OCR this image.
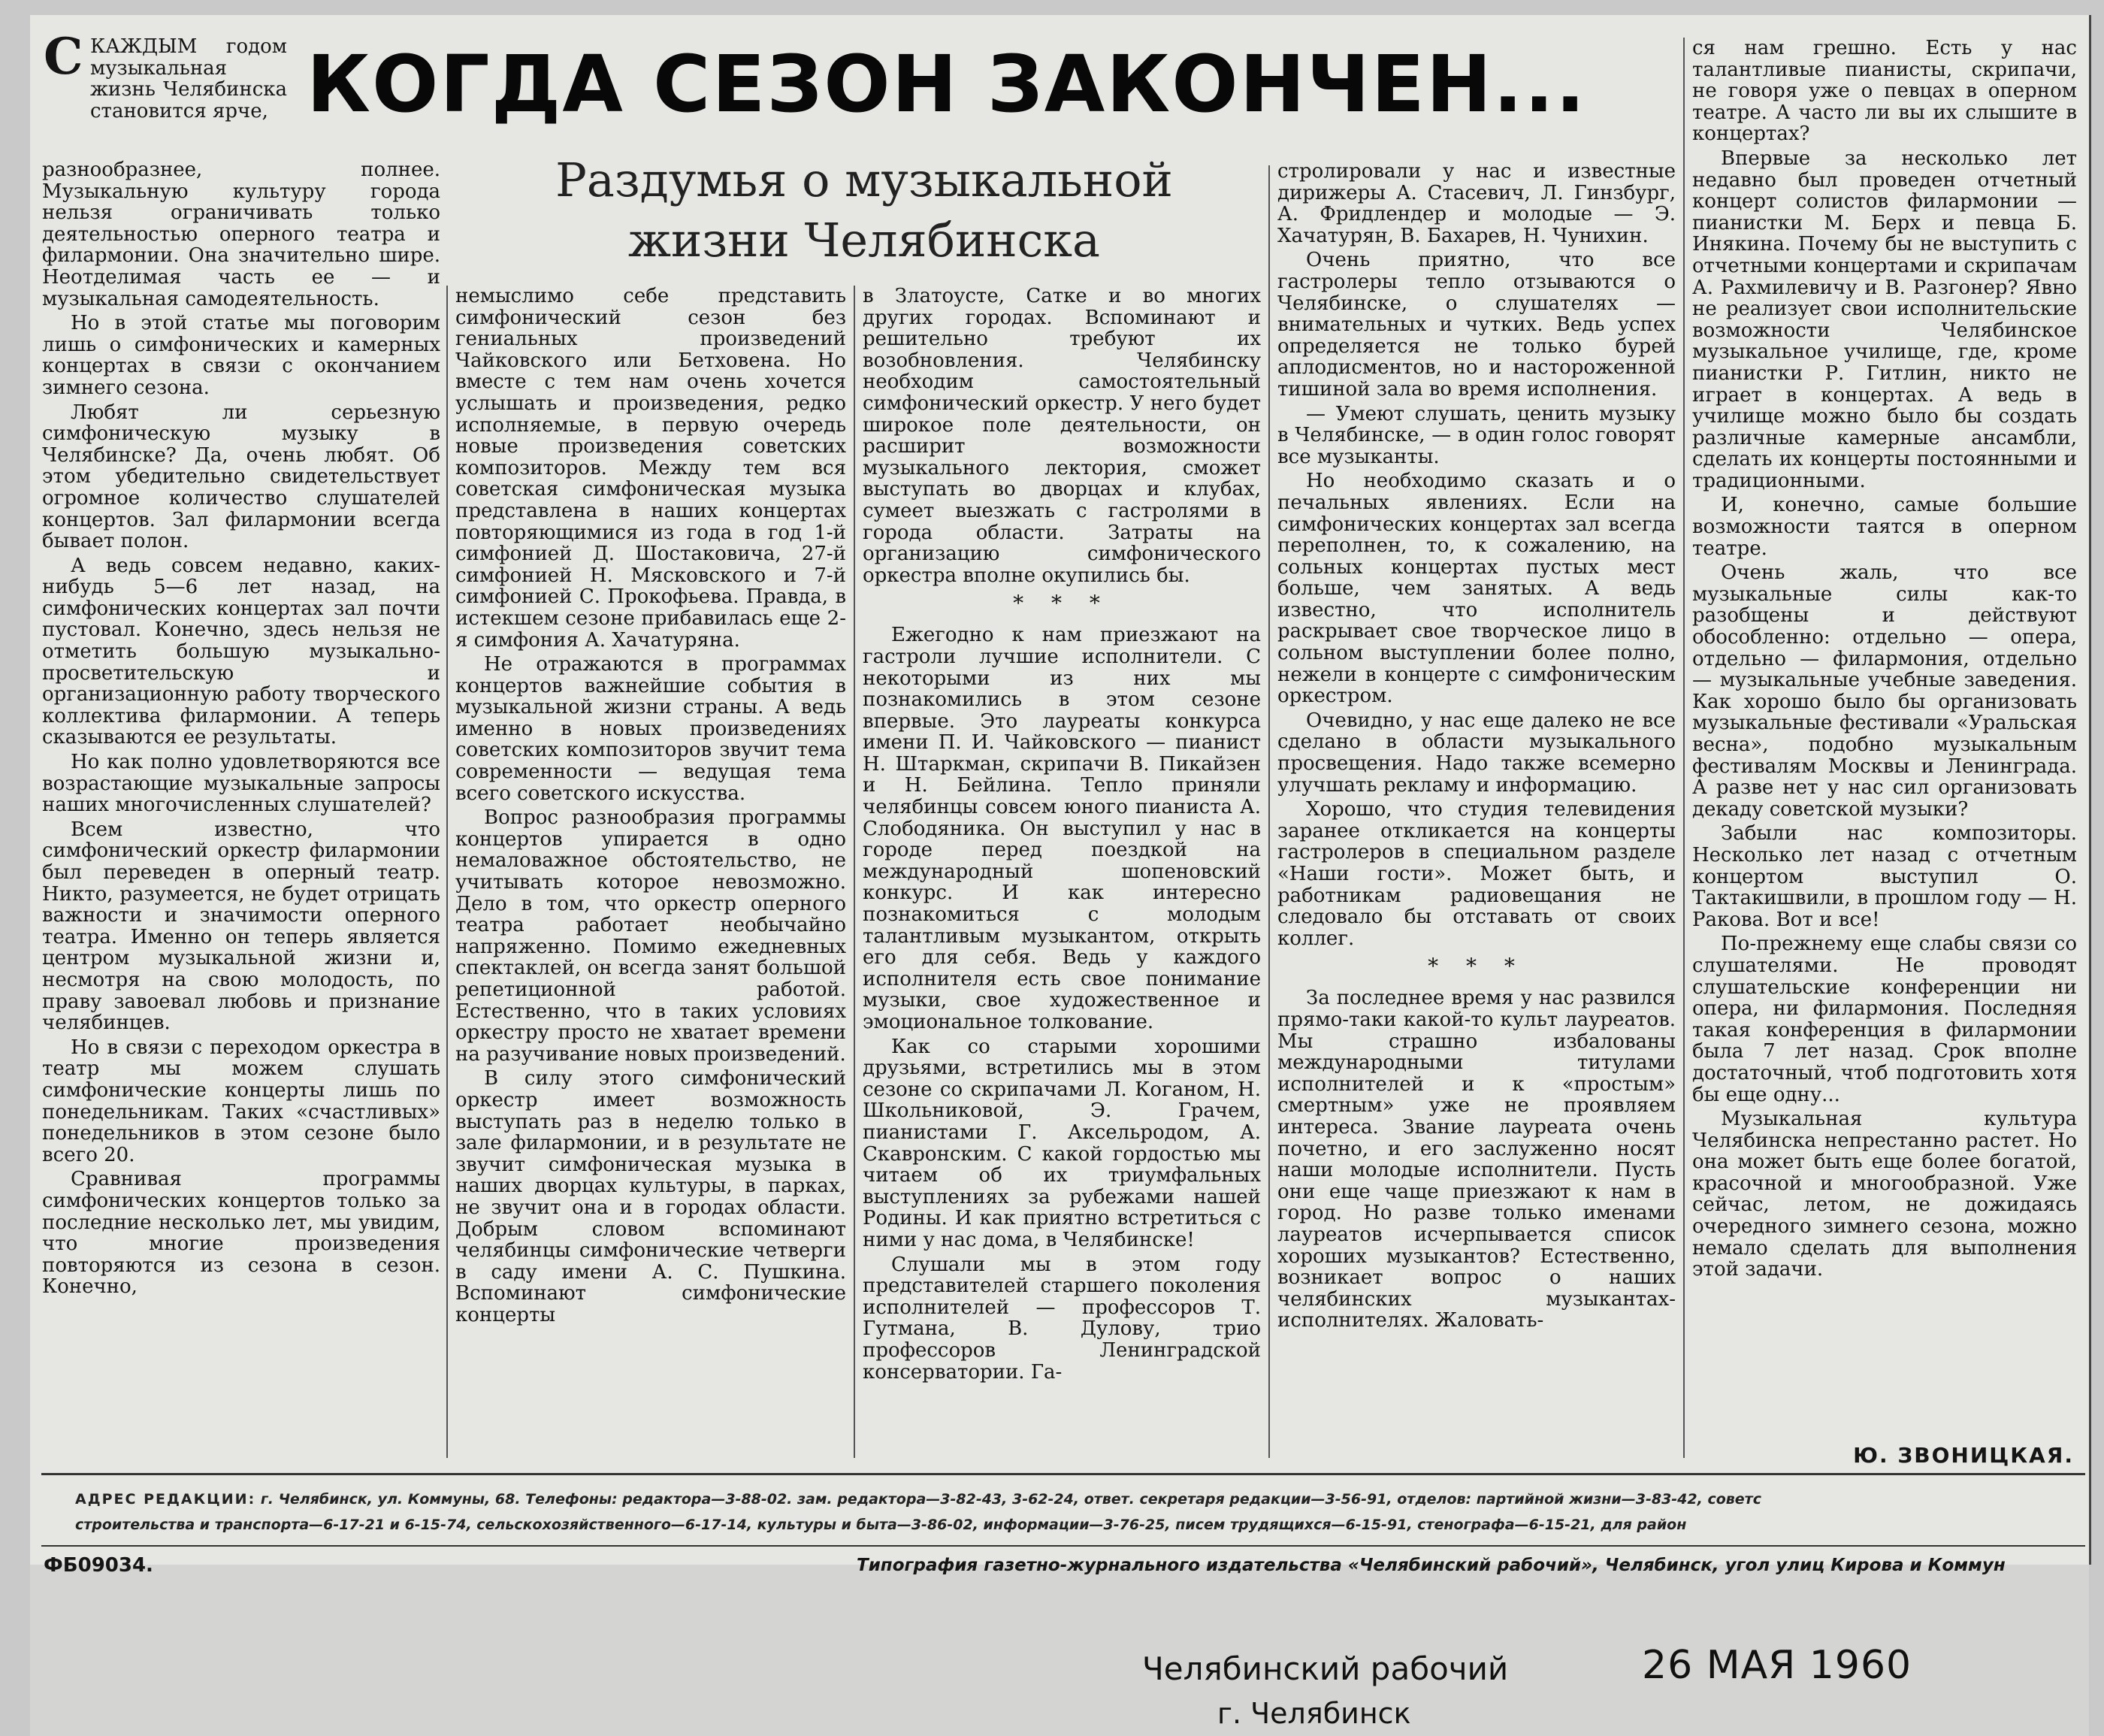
КОГДА СЕЗОН ЗАКОНЧЕН...
Раздумья о музыкальной
жизни Челябинска
С КАЖДЫМ годом музыкальная жизнь Челябинска становится ярче,

разнообразнее, полнее. Музыкальную культуру города нельзя ограничивать только деятельностью оперного театра и филармонии. Она значительно шире. Неотделимая часть ее — и музыкальная самодеятельность.

Но в этой статье мы поговорим лишь о симфонических и камерных концертах в связи с окончанием зимнего сезона.

Любят ли серьезную симфоническую музыку в Челябинске? Да, очень любят. Об этом убедительно свидетельствует огромное количество слушателей концертов. Зал филармонии всегда бывает полон.

А ведь совсем недавно, каких-нибудь 5—6 лет назад, на симфонических концертах зал почти пустовал. Конечно, здесь нельзя не отметить большую музыкально-просветительскую и организационную работу творческого коллектива филармонии. А теперь сказываются ее результаты.

Но как полно удовлетворяются все возрастающие музыкальные запросы наших многочисленных слушателей?

Всем известно, что симфонический оркестр филармонии был переведен в оперный театр. Никто, разумеется, не будет отрицать важности и значимости оперного театра. Именно он теперь является центром музыкальной жизни и, несмотря на свою молодость, по праву завоевал любовь и признание челябинцев.

Но в связи с переходом оркестра в театр мы можем слушать симфонические концерты лишь по понедельникам. Таких «счастливых» понедельников в этом сезоне было всего 20.

Сравнивая программы симфонических концертов только за последние несколько лет, мы увидим, что многие произведения повторяются из сезона в сезон. Конечно,

немыслимо себе представить симфонический сезон без гениальных произведений Чайковского или Бетховена. Но вместе с тем нам очень хочется услышать и произведения, редко исполняемые, в первую очередь новые произведения советских композиторов. Между тем вся советская симфоническая музыка представлена в наших концертах повторяющимися из года в год 1-й симфонией Д. Шостаковича, 27-й симфонией Н. Мясковского и 7-й симфонией С. Прокофьева. Правда, в истекшем сезоне прибавилась еще 2-я симфония А. Хачатуряна.

Не отражаются в программах концертов важнейшие события в музыкальной жизни страны. А ведь именно в новых произведениях советских композиторов звучит тема современности — ведущая тема всего советского искусства.

Вопрос разнообразия программы концертов упирается в одно немаловажное обстоятельство, не учитывать которое невозможно. Дело в том, что оркестр оперного театра работает необычайно напряженно. Помимо ежедневных спектаклей, он всегда занят большой репетиционной работой. Естественно, что в таких условиях оркестру просто не хватает времени на разучивание новых произведений.

В силу этого симфонический оркестр имеет возможность выступать раз в неделю только в зале филармонии, и в результате не звучит симфоническая музыка в наших дворцах культуры, в парках, не звучит она и в городах области. Добрым словом вспоминают челябинцы симфонические четверги в саду имени А. С. Пушкина. Вспоминают симфонические концерты

в Златоусте, Сатке и во многих других городах. Вспоминают и решительно требуют их возобновления. Челябинску необходим самостоятельный симфонический оркестр. У него будет широкое поле деятельности, он расширит возможности музыкального лектория, сможет выступать во дворцах и клубах, сумеет выезжать с гастролями в города области. Затраты на организацию симфонического оркестра вполне окупились бы.

* * *

Ежегодно к нам приезжают на гастроли лучшие исполнители. С некоторыми из них мы познакомились в этом сезоне впервые. Это лауреаты конкурса имени П. И. Чайковского — пианист Н. Штаркман, скрипачи В. Пикайзен и Н. Бейлина. Тепло приняли челябинцы совсем юного пианиста А. Слободяника. Он выступил у нас в городе перед поездкой на международный шопеновский конкурс. И как интересно познакомиться с молодым талантливым музыкантом, открыть его для себя. Ведь у каждого исполнителя есть свое понимание музыки, свое художественное и эмоциональное толкование.

Как со старыми хорошими друзьями, встретились мы в этом сезоне со скрипачами Л. Коганом, Н. Школьниковой, Э. Грачем, пианистами Г. Аксельродом, А. Скавронским. С какой гордостью мы читаем об их триумфальных выступлениях за рубежами нашей Родины. И как приятно встретиться с ними у нас дома, в Челябинске!

Слушали мы в этом году представителей старшего поколения исполнителей — профессоров Т. Гутмана, В. Дулову, трио профессоров Ленинградской консерватории. Га-

стролировали у нас и известные дирижеры А. Стасевич, Л. Гинзбург, А. Фридлендер и молодые — Э. Хачатурян, В. Бахарев, Н. Чунихин.

Очень приятно, что все гастролеры тепло отзываются о Челябинске, о слушателях — внимательных и чутких. Ведь успех определяется не только бурей аплодисментов, но и настороженной тишиной зала во время исполнения.

— Умеют слушать, ценить музыку в Челябинске, — в один голос говорят все музыканты.

Но необходимо сказать и о печальных явлениях. Если на симфонических концертах зал всегда переполнен, то, к сожалению, на сольных концертах пустых мест больше, чем занятых. А ведь известно, что исполнитель раскрывает свое творческое лицо в сольном выступлении более полно, нежели в концерте с симфоническим оркестром.

Очевидно, у нас еще далеко не все сделано в области музыкального просвещения. Надо также всемерно улучшать рекламу и информацию.

Хорошо, что студия телевидения заранее откликается на концерты гастролеров в специальном разделе «Наши гости». Может быть, и работникам радиовещания не следовало бы отставать от своих коллег.

* * *

За последнее время у нас развился прямо-таки какой-то культ лауреатов. Мы страшно избалованы международными титулами исполнителей и к «простым» смертным» уже не проявляем интереса. Звание лауреата очень почетно, и его заслуженно носят наши молодые исполнители. Пусть они еще чаще приезжают к нам в город. Но разве только именами лауреатов исчерпывается список хороших музыкантов? Естественно, возникает вопрос о наших челябинских музыкантах-исполнителях. Жаловать-

ся нам грешно. Есть у нас талантливые пианисты, скрипачи, не говоря уже о певцах в оперном театре. А часто ли вы их слышите в концертах?

Впервые за несколько лет недавно был проведен отчетный концерт солистов филармонии — пианистки М. Берх и певца Б. Инякина. Почему бы не выступить с отчетными концертами и скрипачам А. Рахмилевичу и В. Разгонер? Явно не реализует свои исполнительские возможности Челябинское музыкальное училище, где, кроме пианистки Р. Гитлин, никто не играет в концертах. А ведь в училище можно было бы создать различные камерные ансамбли, сделать их концерты постоянными и традиционными.

И, конечно, самые большие возможности таятся в оперном театре.

Очень жаль, что все музыкальные силы как-то разобщены и действуют обособленно: отдельно — опера, отдельно — филармония, отдельно — музыкальные учебные заведения. Как хорошо было бы организовать музыкальные фестивали «Уральская весна», подобно музыкальным фестивалям Москвы и Ленинграда. А разве нет у нас сил организовать декаду советской музыки?

Забыли нас композиторы. Несколько лет назад с отчетным концертом выступил О. Тактакишвили, в прошлом году — Н. Ракова. Вот и все!

По-прежнему еще слабы связи со слушателями. Не проводят слушательские конференции ни опера, ни филармония. Последняя такая конференция в филармонии была 7 лет назад. Срок вполне достаточный, чтоб подготовить хотя бы еще одну...

Музыкальная культура Челябинска непрестанно растет. Но она может быть еще более богатой, красочной и многообразной. Уже сейчас, летом, не дожидаясь очередного зимнего сезона, можно немало сделать для выполнения этой задачи.

Ю. ЗВОНИЦКАЯ.
АДРЕС РЕДАКЦИИ: г. Челябинск, ул. Коммуны, 68. Телефоны: редактора—3-88-02. зам. редактора—3-82-43, 3-62-24, ответ. секретаря редакции—3-56-91, отделов: партийной жизни—3-83-42, советс
строительства и транспорта—6-17-21 и 6-15-74, сельскохозяйственного—6-17-14, культуры и быта—3-86-02, информации—3-76-25, писем трудящихся—6-15-91, стенографа—6-15-21, для район
ФБ09034.	Типография газетно-журнального издательства «Челябинский рабочий», Челябинск, угол улиц Кирова и Коммун
Челябинский рабочий
г. Челябинск
26 МАЯ 1960
